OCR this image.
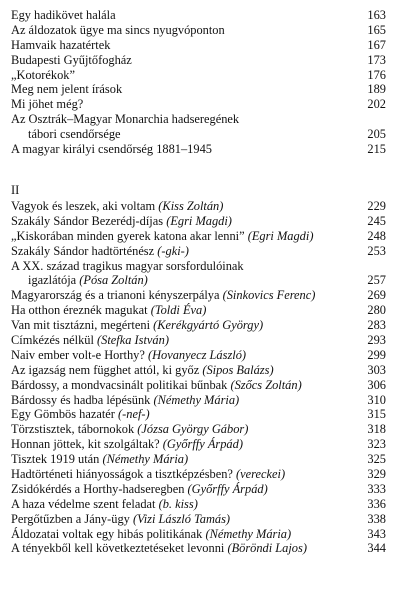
Egy hadikövet halála	163
Az áldozatok ügye ma sincs nyugvóponton	165
Hamvaik hazatértek	167
Budapesti Gyűjtőfogház	173
„Kotorékok”	176
Meg nem jelent írások	189
Mi jöhet még?	202
Az Osztrák–Magyar Monarchia hadseregének
tábori csendőrsége	205
A magyar királyi csendőrség 1881–1945	215
II
Vagyok és leszek, aki voltam (Kiss Zoltán)	229
Szakály Sándor Bezerédj-díjas (Egri Magdi)	245
„Kiskorában minden gyerek katona akar lenni” (Egri Magdi)	248
Szakály Sándor hadtörténész (-gki-)	253
A XX. század tragikus magyar sorsfordulóinak
igazlátója (Pósa Zoltán)	257
Magyarország és a trianoni kényszerpálya (Sinkovics Ferenc)	269
Ha otthon éreznék magukat (Toldi Éva)	280
Van mit tisztázni, megérteni (Kerékgyártó György)	283
Címkézés nélkül (Stefka István)	293
Naiv ember volt-e Horthy? (Hovanyecz László)	299
Az igazság nem függhet attól, ki győz (Sipos Balázs)	303
Bárdossy, a mondvacsinált politikai bűnbak (Szőcs Zoltán)	306
Bárdossy és hadba lépésünk (Némethy Mária)	310
Egy Gömbös hazatér (-nef-)	315
Törzstisztek, tábornokok (Józsa György Gábor)	318
Honnan jöttek, kit szolgáltak? (Győrffy Árpád)	323
Tisztek 1919 után (Némethy Mária)	325
Hadtörténeti hiányosságok a tisztképzésben? (vereckei)	329
Zsidókérdés a Horthy-hadseregben (Győrffy Árpád)	333
A haza védelme szent feladat (b. kiss)	336
Pergőtűzben a Jány-ügy (Vizi László Tamás)	338
Áldozatai voltak egy hibás politikának (Némethy Mária)	343
A tényekből kell következtetéseket levonni (Böröndi Lajos)	344
